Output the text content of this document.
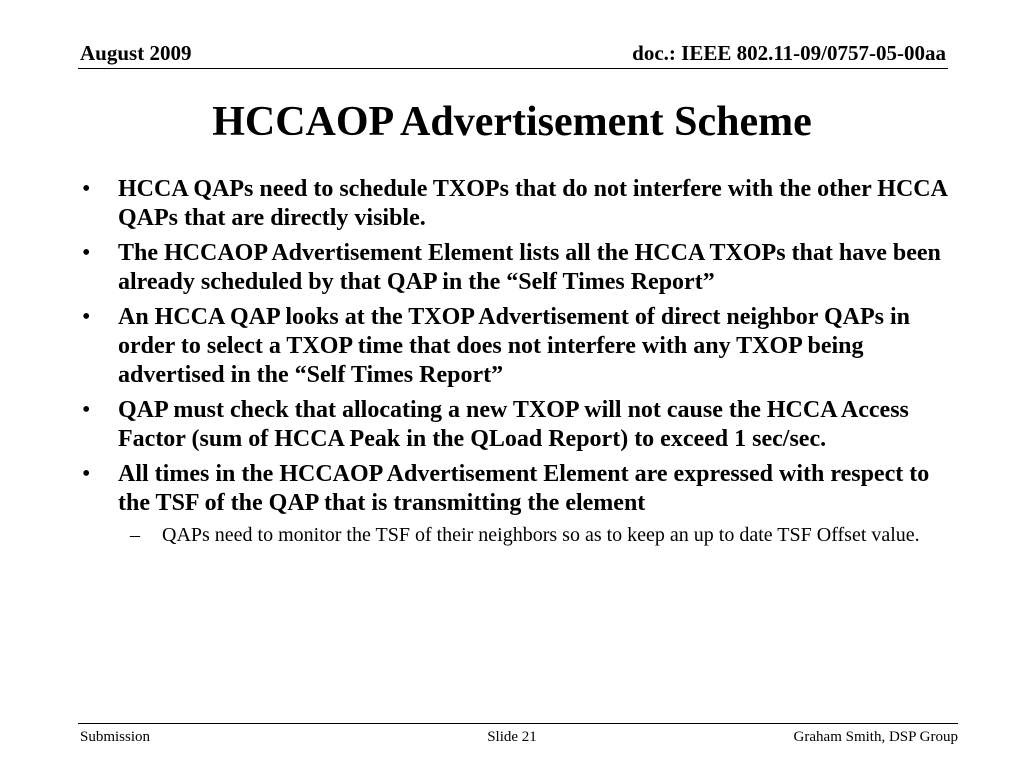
August 2009	doc.: IEEE 802.11-09/0757-05-00aa
HCCAOP Advertisement Scheme
• HCCA QAPs need to schedule TXOPs that do not interfere with the other HCCA QAPs that are directly visible.
• The HCCAOP Advertisement Element lists all the HCCA TXOPs that have been already scheduled by that QAP in the “Self Times Report”
• An HCCA QAP looks at the TXOP Advertisement of direct neighbor QAPs in order to select a TXOP time that does not interfere with any TXOP being advertised in the “Self Times Report”
• QAP must check that allocating a new TXOP will not cause the HCCA Access Factor (sum of HCCA Peak in the QLoad Report) to exceed 1 sec/sec.
• All times in the HCCAOP Advertisement Element are expressed with respect to the TSF of the QAP that is transmitting the element
– QAPs need to monitor the TSF of their neighbors so as to keep an up to date TSF Offset value.
Submission	Slide 21	Graham Smith, DSP Group
